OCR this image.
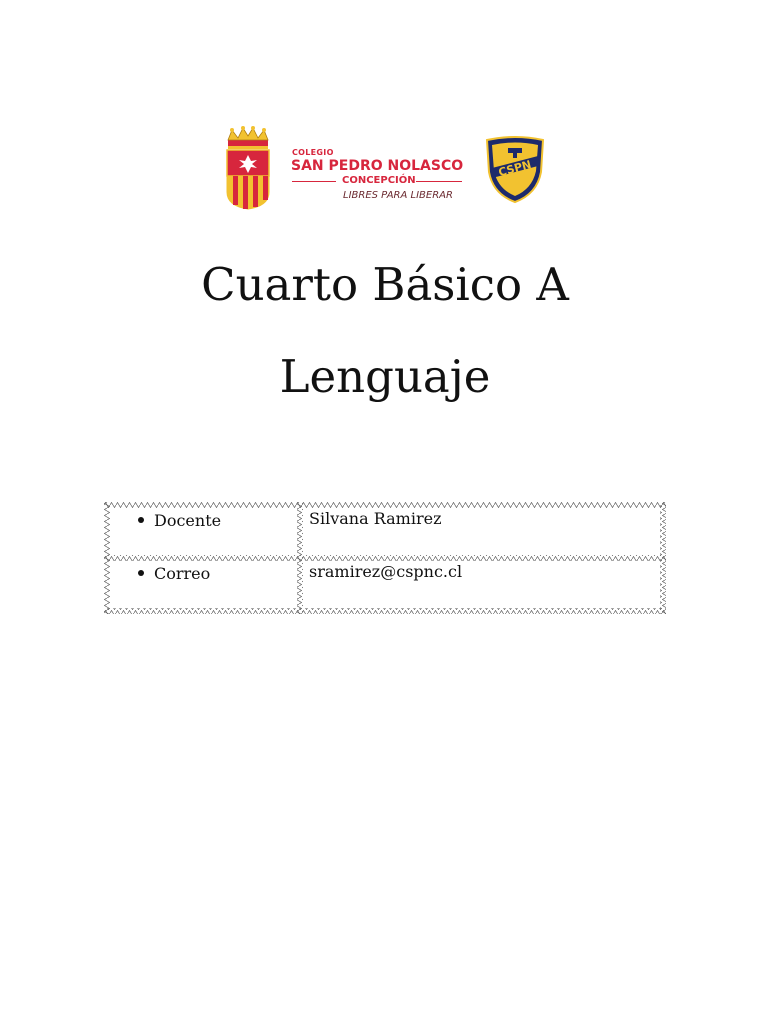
COLEGIO
SAN PEDRO NOLASCO
CONCEPCIÓN
LIBRES PARA LIBERAR
CSPN
Cuarto Básico A
Lenguaje
Docente	Silvana Ramirez
Correo	sramirez@cspnc.cl
